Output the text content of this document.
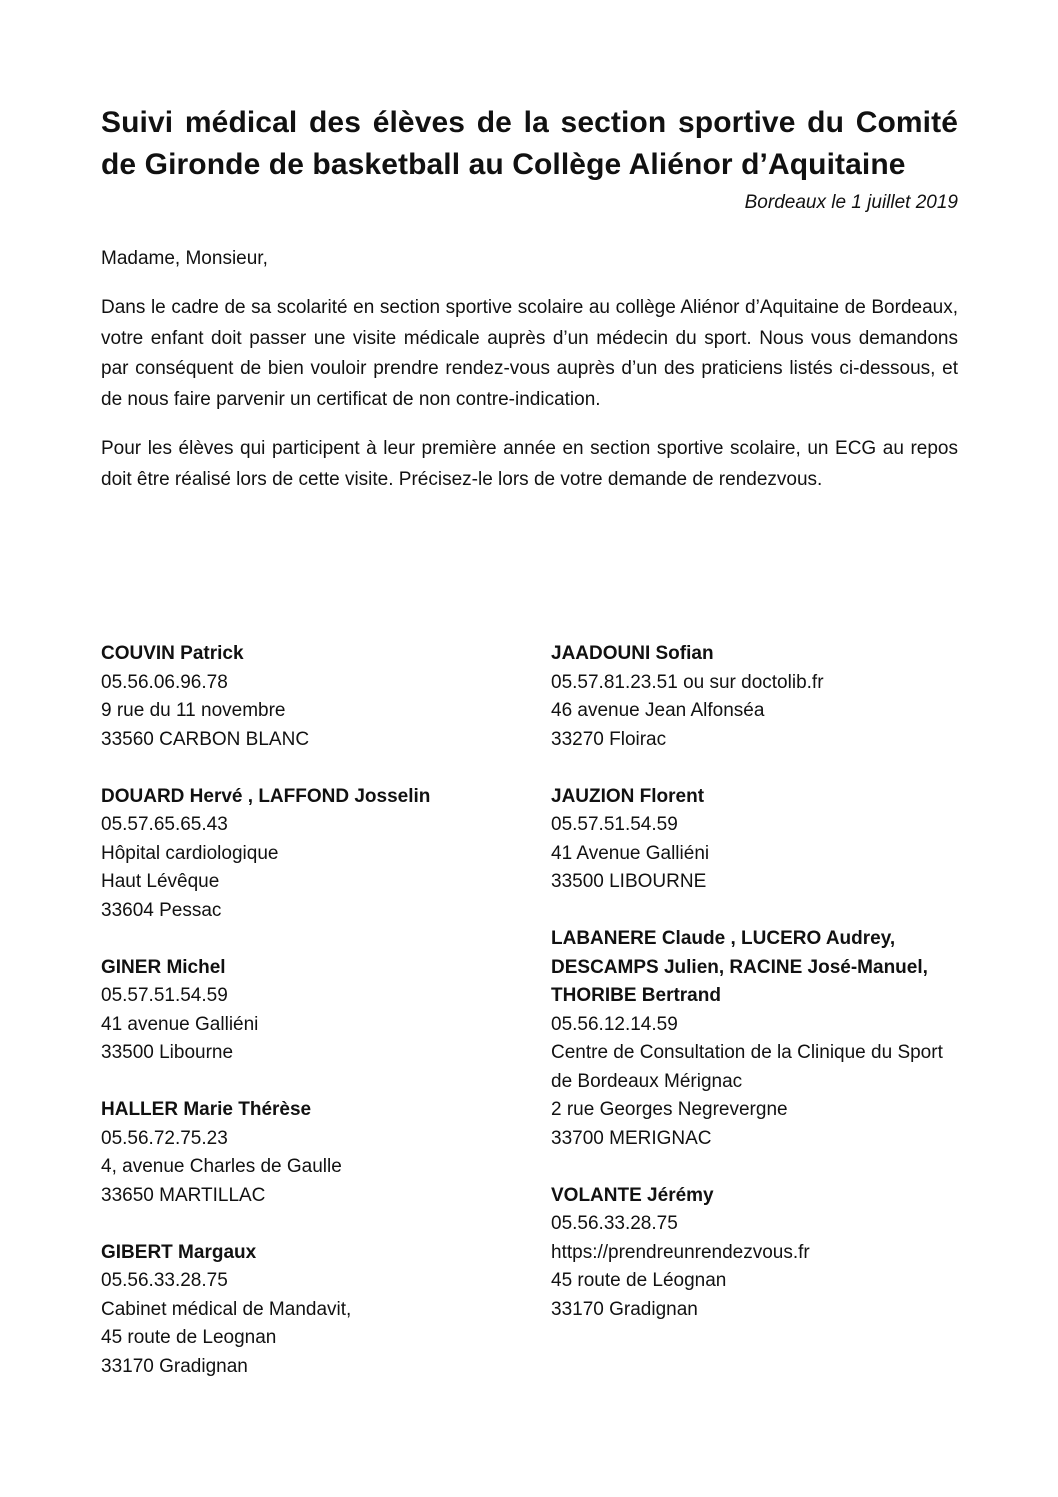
Suivi médical des élèves de la section sportive du Comité de Gironde de basketball au Collège Aliénor d’Aquitaine
Bordeaux le 1 juillet 2019
Madame, Monsieur,

Dans le cadre de sa scolarité en section sportive scolaire au collège Aliénor d’Aquitaine de Bordeaux, votre enfant doit passer une visite médicale auprès d’un médecin du sport. Nous vous demandons par conséquent de bien vouloir prendre rendez-vous auprès d’un des praticiens listés ci-dessous, et de nous faire parvenir un certificat de non contre-indication.

Pour les élèves qui participent à leur première année en section sportive scolaire, un ECG au repos doit être réalisé lors de cette visite. Précisez-le lors de votre demande de rendezvous.

COUVIN Patrick
05.56.06.96.78
9 rue du 11 novembre
33560 CARBON BLANC
DOUARD Hervé , LAFFOND Josselin
05.57.65.65.43
Hôpital cardiologique
Haut Lévêque
33604 Pessac
GINER Michel
05.57.51.54.59
41 avenue Galliéni
33500 Libourne
HALLER Marie Thérèse
05.56.72.75.23
4, avenue Charles de Gaulle
33650 MARTILLAC
GIBERT Margaux
05.56.33.28.75
Cabinet médical de Mandavit,
45 route de Leognan
33170 Gradignan
JAADOUNI Sofian
05.57.81.23.51 ou sur doctolib.fr
46 avenue Jean Alfonséa
33270 Floirac
JAUZION Florent
05.57.51.54.59
41 Avenue Galliéni
33500 LIBOURNE
LABANERE Claude , LUCERO Audrey, DESCAMPS Julien, RACINE José-Manuel, THORIBE Bertrand
05.56.12.14.59
Centre de Consultation de la Clinique du Sport de Bordeaux Mérignac
2 rue Georges Negrevergne
33700 MERIGNAC
VOLANTE Jérémy
05.56.33.28.75
https://prendreunrendezvous.fr
45 route de Léognan
33170 Gradignan
